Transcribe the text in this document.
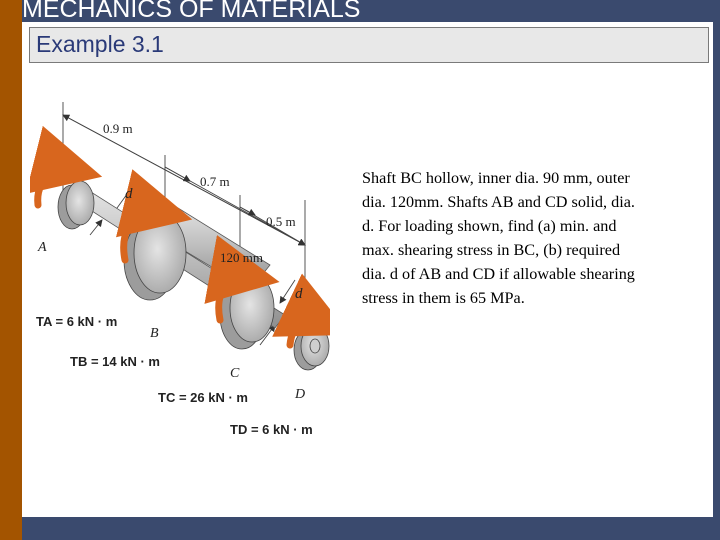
MECHANICS OF MATERIALS
Example 3.1
Shaft BC hollow, inner dia. 90 mm, outer
dia. 120mm. Shafts AB and CD solid, dia.
d. For loading shown, find (a) min. and
max. shearing stress in BC, (b) required
dia. d of AB and CD if allowable shearing
stress in them is 65 MPa.
0.9 m
0.7 m
0.5 m
120 mm
d
d
A
B
C
D
TA = 6 kN · m
TB = 14 kN · m
TC = 26 kN · m
TD = 6 kN · m
